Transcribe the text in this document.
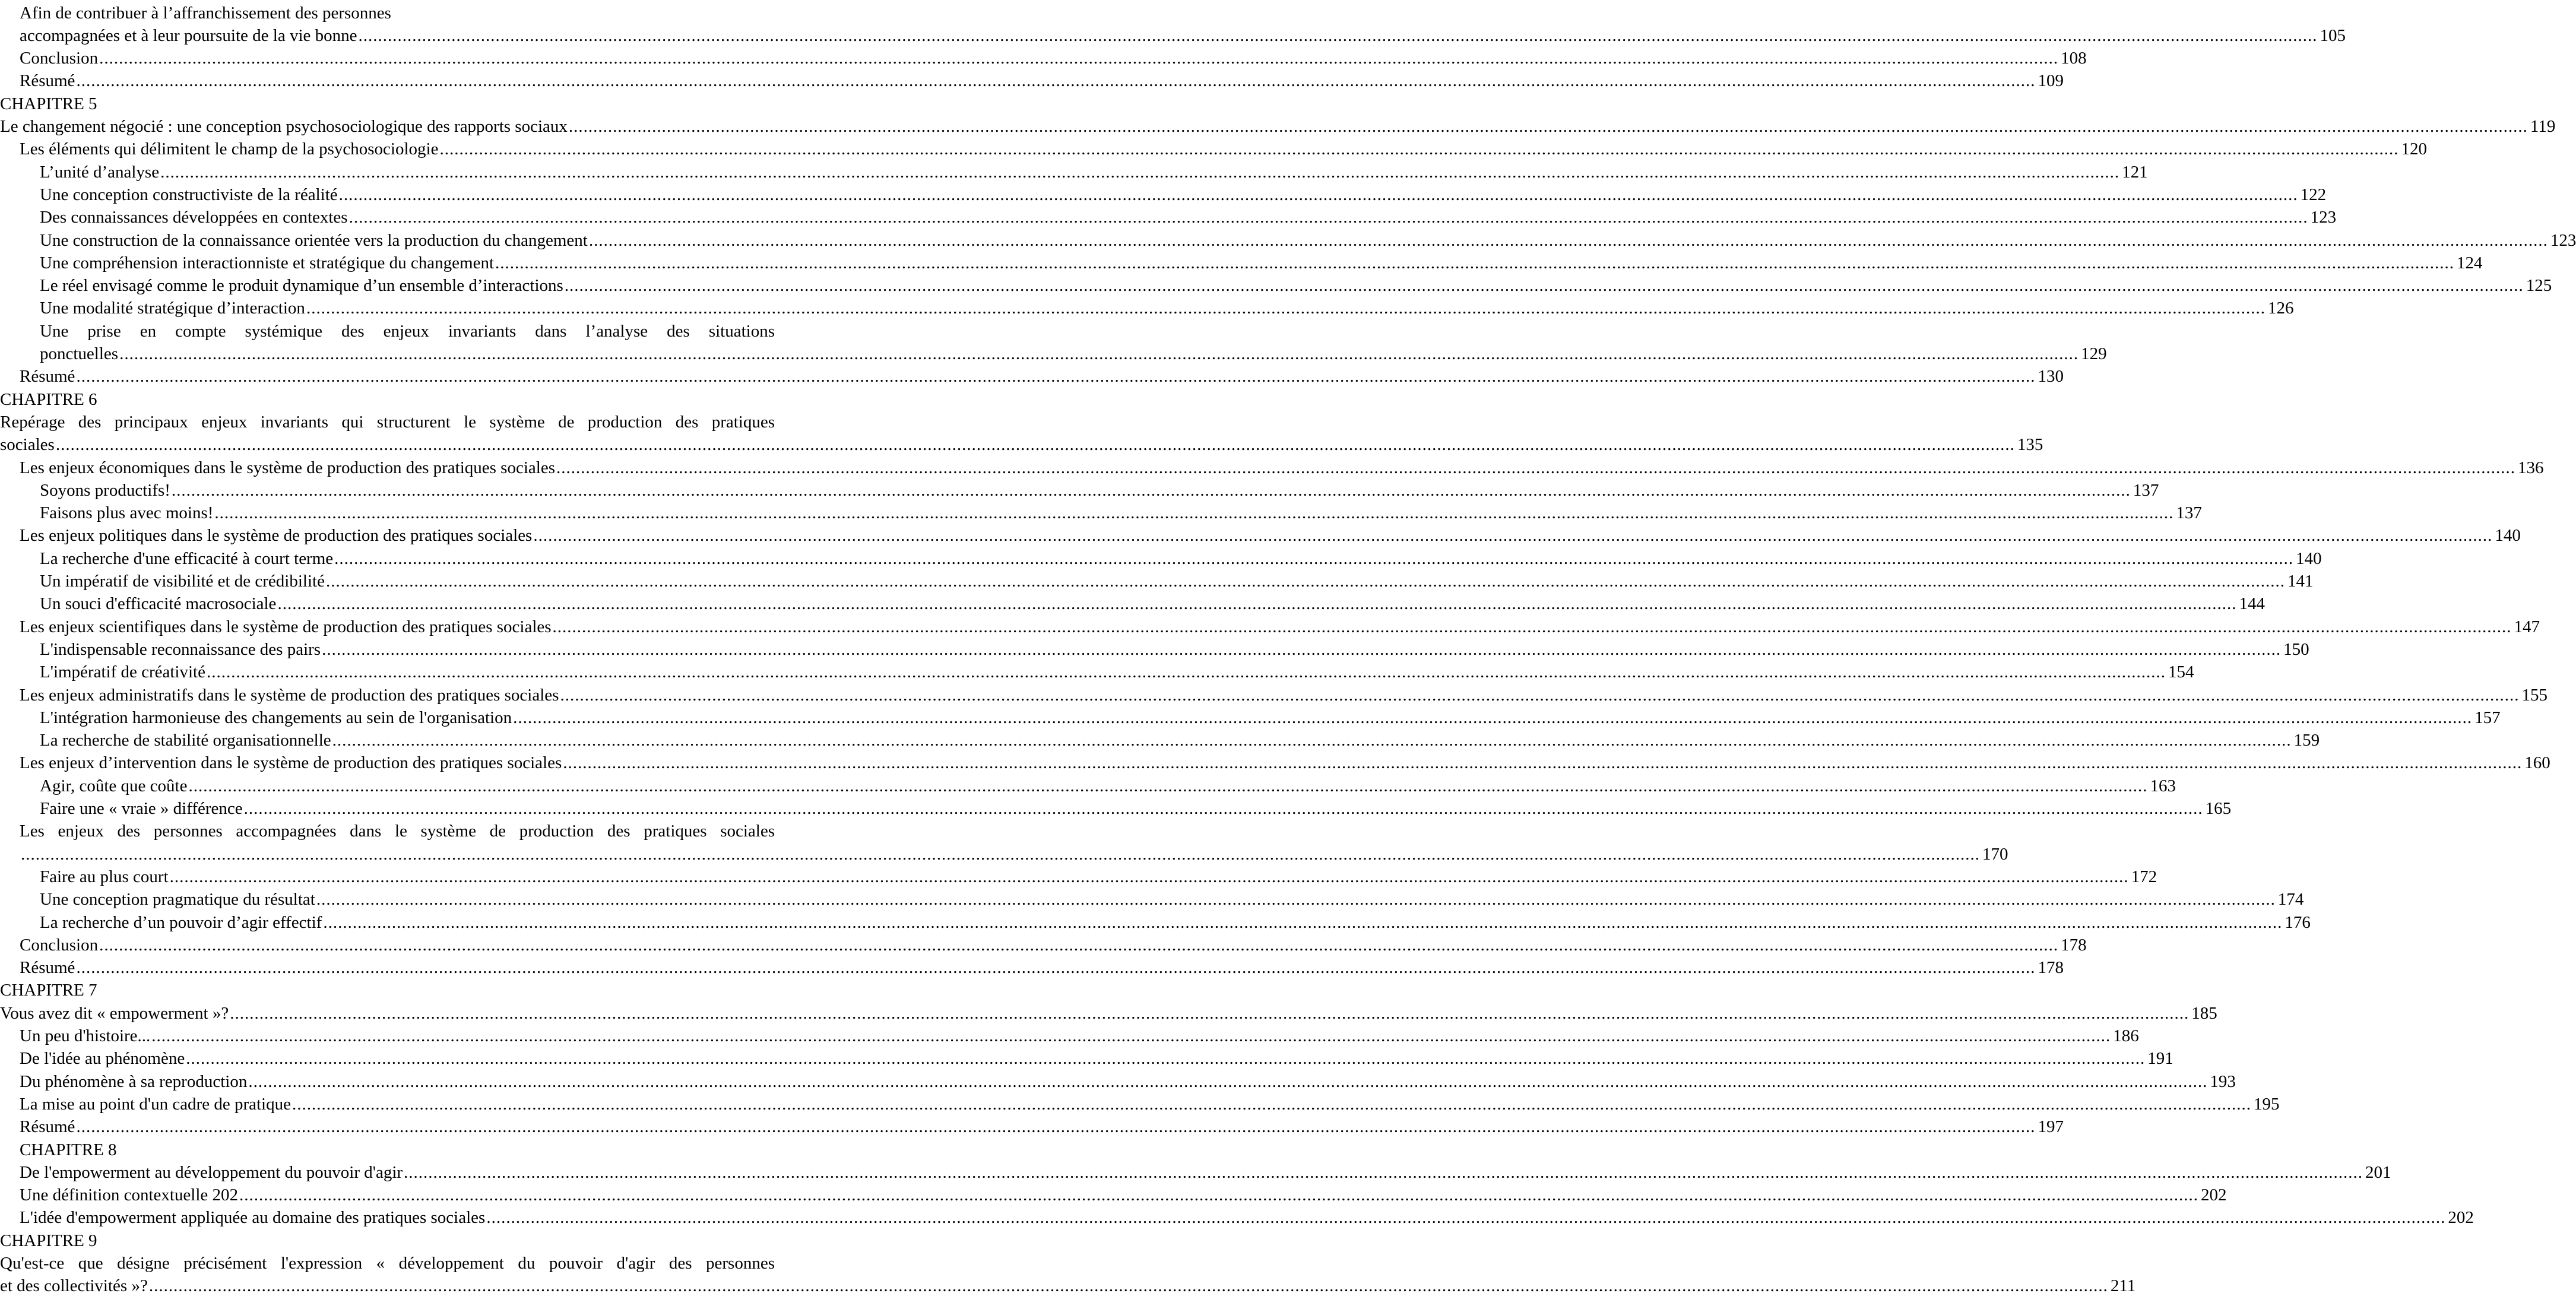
Afin de contribuer à l’affranchissement des personnes
accompagnées et à leur poursuite de la vie bonne ................................................................................................................................................................................................................................................................................................................................................................................................................ 105
Conclusion ................................................................................................................................................................................................................................................................................................................................................................................................................ 108
Résumé ................................................................................................................................................................................................................................................................................................................................................................................................................ 109
CHAPITRE 5
Le changement négocié : une conception psychosociologique des rapports sociaux ................................................................................................................................................................................................................................................................................................................................................................................................................ 119
Les éléments qui délimitent le champ de la psychosociologie ................................................................................................................................................................................................................................................................................................................................................................................................................ 120
L’unité d’analyse ................................................................................................................................................................................................................................................................................................................................................................................................................ 121
Une conception constructiviste de la réalité ................................................................................................................................................................................................................................................................................................................................................................................................................ 122
Des connaissances développées en contextes ................................................................................................................................................................................................................................................................................................................................................................................................................ 123
Une construction de la connaissance orientée vers la production du changement ................................................................................................................................................................................................................................................................................................................................................................................................................ 123
Une compréhension interactionniste et stratégique du changement ................................................................................................................................................................................................................................................................................................................................................................................................................ 124
Le réel envisagé comme le produit dynamique d’un ensemble d’interactions ................................................................................................................................................................................................................................................................................................................................................................................................................ 125
Une modalité stratégique d’interaction ................................................................................................................................................................................................................................................................................................................................................................................................................ 126
Une prise en compte systémique des enjeux invariants dans l’analyse des situations
ponctuelles ................................................................................................................................................................................................................................................................................................................................................................................................................ 129
Résumé ................................................................................................................................................................................................................................................................................................................................................................................................................ 130
CHAPITRE 6
Repérage des principaux enjeux invariants qui structurent le système de production des pratiques
sociales ................................................................................................................................................................................................................................................................................................................................................................................................................ 135
Les enjeux économiques dans le système de production des pratiques sociales ................................................................................................................................................................................................................................................................................................................................................................................................................ 136
Soyons productifs! ................................................................................................................................................................................................................................................................................................................................................................................................................ 137
Faisons plus avec moins! ................................................................................................................................................................................................................................................................................................................................................................................................................ 137
Les enjeux politiques dans le système de production des pratiques sociales ................................................................................................................................................................................................................................................................................................................................................................................................................ 140
La recherche d'une efficacité à court terme ................................................................................................................................................................................................................................................................................................................................................................................................................ 140
Un impératif de visibilité et de crédibilité ................................................................................................................................................................................................................................................................................................................................................................................................................ 141
Un souci d'efficacité macrosociale ................................................................................................................................................................................................................................................................................................................................................................................................................ 144
Les enjeux scientifiques dans le système de production des pratiques sociales ................................................................................................................................................................................................................................................................................................................................................................................................................ 147
L'indispensable reconnaissance des pairs ................................................................................................................................................................................................................................................................................................................................................................................................................ 150
L'impératif de créativité ................................................................................................................................................................................................................................................................................................................................................................................................................ 154
Les enjeux administratifs dans le système de production des pratiques sociales ................................................................................................................................................................................................................................................................................................................................................................................................................ 155
L'intégration harmonieuse des changements au sein de l'organisation ................................................................................................................................................................................................................................................................................................................................................................................................................ 157
La recherche de stabilité organisationnelle ................................................................................................................................................................................................................................................................................................................................................................................................................ 159
Les enjeux d’intervention dans le système de production des pratiques sociales ................................................................................................................................................................................................................................................................................................................................................................................................................ 160
Agir, coûte que coûte ................................................................................................................................................................................................................................................................................................................................................................................................................ 163
Faire une « vraie » différence ................................................................................................................................................................................................................................................................................................................................................................................................................ 165
Les enjeux des personnes accompagnées dans le système de production des pratiques sociales
................................................................................................................................................................................................................................................................................................................................................................................................................ 170
Faire au plus court ................................................................................................................................................................................................................................................................................................................................................................................................................ 172
Une conception pragmatique du résultat ................................................................................................................................................................................................................................................................................................................................................................................................................ 174
La recherche d’un pouvoir d’agir effectif ................................................................................................................................................................................................................................................................................................................................................................................................................ 176
Conclusion ................................................................................................................................................................................................................................................................................................................................................................................................................ 178
Résumé ................................................................................................................................................................................................................................................................................................................................................................................................................ 178
CHAPITRE 7
Vous avez dit « empowerment »? ................................................................................................................................................................................................................................................................................................................................................................................................................ 185
Un peu d'histoire... ................................................................................................................................................................................................................................................................................................................................................................................................................ 186
De l'idée au phénomène ................................................................................................................................................................................................................................................................................................................................................................................................................ 191
Du phénomène à sa reproduction ................................................................................................................................................................................................................................................................................................................................................................................................................ 193
La mise au point d'un cadre de pratique ................................................................................................................................................................................................................................................................................................................................................................................................................ 195
Résumé ................................................................................................................................................................................................................................................................................................................................................................................................................ 197
CHAPITRE 8
De l'empowerment au développement du pouvoir d'agir ................................................................................................................................................................................................................................................................................................................................................................................................................ 201
Une définition contextuelle 202 ................................................................................................................................................................................................................................................................................................................................................................................................................ 202
L'idée d'empowerment appliquée au domaine des pratiques sociales ................................................................................................................................................................................................................................................................................................................................................................................................................ 202
CHAPITRE 9
Qu'est-ce que désigne précisément l'expression « développement du pouvoir d'agir des personnes
et des collectivités »? ................................................................................................................................................................................................................................................................................................................................................................................................................ 211
